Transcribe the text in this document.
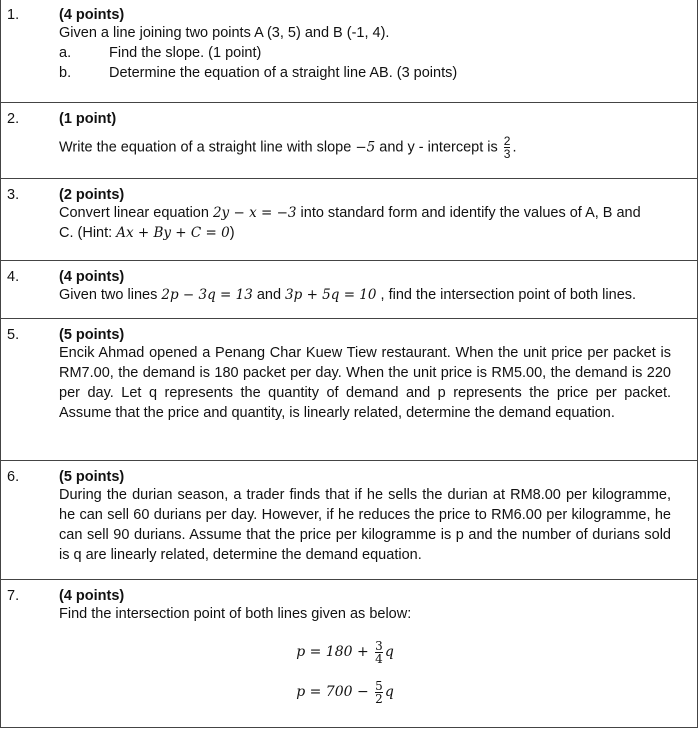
1.	(4 points)
Given a line joining two points A (3, 5) and B (-1, 4).
a.	Find the slope. (1 point)
b.	Determine the equation of a straight line AB. (3 points)
2.	(1 point)
Write the equation of a straight line with slope −5 and y - intercept is $\frac{2}{3}$ .
3.	(2 points)
Convert linear equation 2y − x = −3 into standard form and identify the values of A, B and
C. (Hint: Ax + By + C = 0)
4.	(4 points)
Given two lines 2p − 3q = 13 and 3p + 5q = 10 , find the intersection point of both lines.
5.	(5 points)
Encik Ahmad opened a Penang Char Kuew Tiew restaurant. When the unit price per packet is RM7.00, the demand is 180 packet per day. When the unit price is RM5.00, the demand is 220 per day. Let q represents the quantity of demand and p represents the price per packet. Assume that the price and quantity, is linearly related, determine the demand equation.
6.	(5 points)
During the durian season, a trader finds that if he sells the durian at RM8.00 per kilogramme, he can sell 60 durians per day. However, if he reduces the price to RM6.00 per kilogramme, he can sell 90 durians. Assume that the price per kilogramme is p and the number of durians sold is q are linearly related, determine the demand equation.
7.	(4 points)
Find the intersection point of both lines given as below:
$p = 180 + \frac{3}{4}$ q
$p = 700 - \frac{5}{2}$ q
